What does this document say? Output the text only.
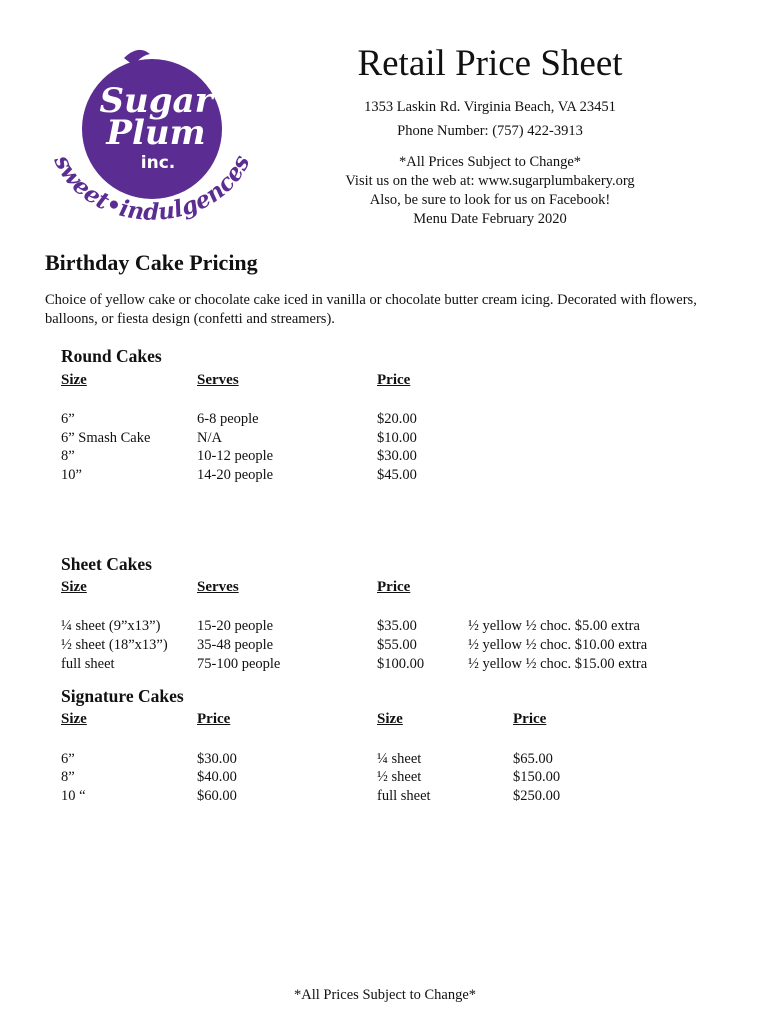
Sugar
Plum
inc.
sweet•indulgences
Retail Price Sheet
1353 Laskin Rd. Virginia Beach, VA 23451
Phone Number: (757) 422-3913
*All Prices Subject to Change*
Visit us on the web at: www.sugarplumbakery.org
Also, be sure to look for us on Facebook!
Menu Date February 2020
Birthday Cake Pricing
Choice of yellow cake or chocolate cake iced in vanilla or chocolate butter cream icing. Decorated with flowers, balloons, or fiesta design (confetti and streamers).
Round Cakes
Size	Serves	Price
6”	6-8 people	$20.00
6” Smash Cake	N/A	$10.00
8”	10-12 people	$30.00
10”	14-20 people	$45.00
Sheet Cakes
Size	Serves	Price
¼ sheet (9”x13”)	15-20 people	$35.00	½ yellow ½ choc. $5.00 extra
½ sheet (18”x13”) 35-48 people	$55.00	½ yellow ½ choc. $10.00 extra
full sheet	75-100 people	$100.00	½ yellow ½ choc. $15.00 extra
Signature Cakes
Size	Price	Size	Price
6”	$30.00	¼ sheet	$65.00
8”	$40.00	½ sheet	$150.00
10 “	$60.00	full sheet	$250.00
*All Prices Subject to Change*
